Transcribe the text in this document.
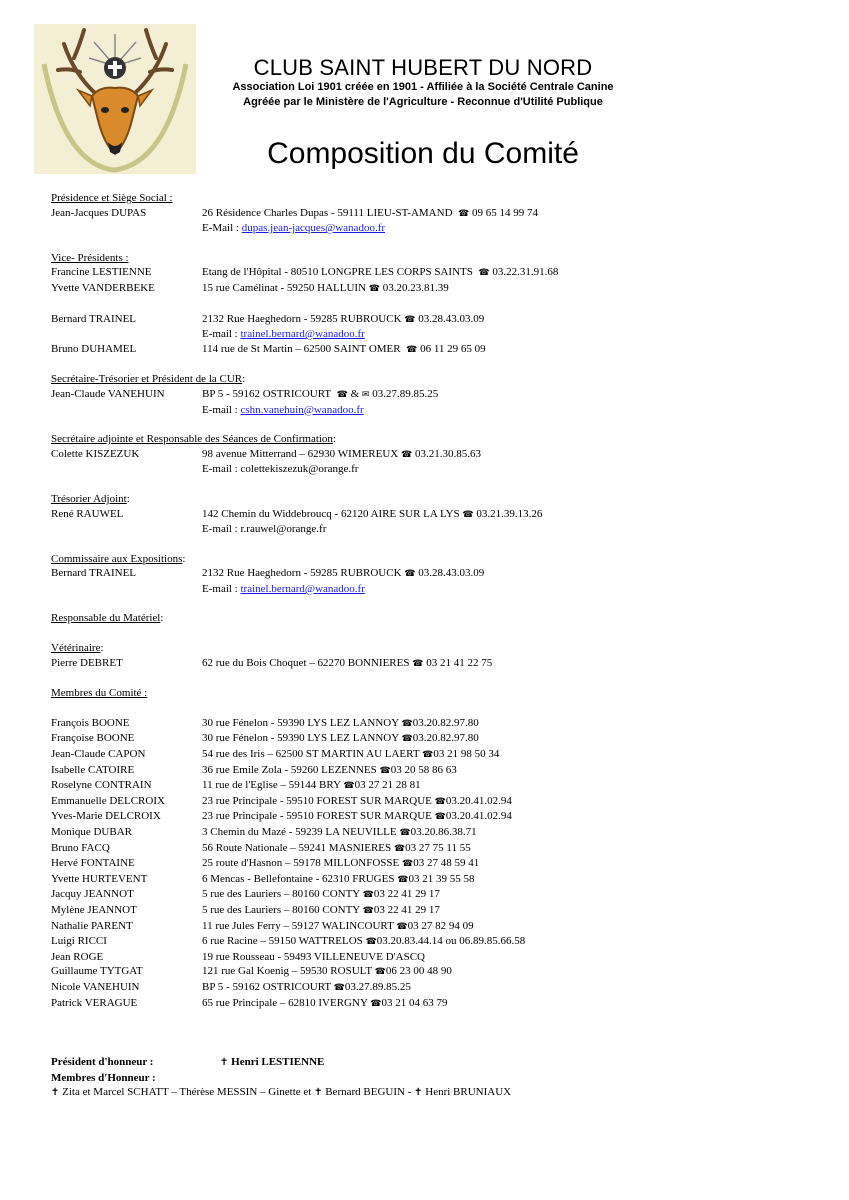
CLUB SAINT HUBERT DU NORD
Association Loi 1901 créée en 1901 - Affiliée à la Société Centrale Canine
Agréée par le Ministère de l'Agriculture - Reconnue d'Utilité Publique
Composition du Comité
Présidence et Siège Social :
Jean-Jacques DUPAS	26 Résidence Charles Dupas - 59111 LIEU-ST-AMAND ☎ 09 65 14 99 74
E-Mail : dupas.jean-jacques@wanadoo.fr
Vice- Présidents :
Francine LESTIENNE	Etang de l'Hôpital - 80510 LONGPRE LES CORPS SAINTS ☎ 03.22.31.91.68
Yvette VANDERBEKE	15 rue Camélinat - 59250 HALLUIN ☎ 03.20.23.81.39
Bernard TRAINEL	2132 Rue Haeghedorn - 59285 RUBROUCK ☎ 03.28.43.03.09
E-mail : trainel.bernard@wanadoo.fr
Bruno DUHAMEL	114 rue de St Martin – 62500 SAINT OMER ☎ 06 11 29 65 09
Secrétaire-Trésorier et Président de la CUR :
Jean-Claude VANEHUIN	BP 5 - 59162 OSTRICOURT ☎ & ✉ 03.27.89.85.25
E-mail : cshn.vanehuin@wanadoo.fr
Secrétaire adjointe et Responsable des Séances de Confirmation :
Colette KISZEZUK	98 avenue Mitterrand – 62930 WIMEREUX ☎ 03.21.30.85.63
E-mail : colettekiszezuk@orange.fr
Trésorier Adjoint :
René RAUWEL	142 Chemin du Widdebroucq - 62120 AIRE SUR LA LYS ☎ 03.21.39.13.26
E-mail : r.rauwel@orange.fr
Commissaire aux Expositions :
Bernard TRAINEL	2132 Rue Haeghedorn - 59285 RUBROUCK ☎ 03.28.43.03.09
E-mail : trainel.bernard@wanadoo.fr
Responsable du Matériel :
Vétérinaire :
Pierre DEBRET	62 rue du Bois Choquet – 62270 BONNIERES ☎ 03 21 41 22 75
Membres du Comité :
François BOONE	30 rue Fénelon - 59390 LYS LEZ LANNOY ☎03.20.82.97.80
Françoise BOONE	30 rue Fénelon - 59390 LYS LEZ LANNOY ☎03.20.82.97.80
Jean-Claude CAPON	54 rue des Iris – 62500 ST MARTIN AU LAERT ☎03 21 98 50 34
Isabelle CATOIRE	36 rue Emile Zola - 59260 LEZENNES ☎03 20 58 86 63
Roselyne CONTRAIN	11 rue de l'Eglise – 59144 BRY ☎03 27 21 28 81
Emmanuelle DELCROIX	23 rue Principale - 59510 FOREST SUR MARQUE ☎03.20.41.02.94
Yves-Marie DELCROIX	23 rue Principale - 59510 FOREST SUR MARQUE ☎03.20.41.02.94
Monique DUBAR	3 Chemin du Mazé - 59239 LA NEUVILLE ☎03.20.86.38.71
Bruno FACQ	56 Route Nationale – 59241 MASNIERES ☎03 27 75 11 55
Hervé FONTAINE	25 route d'Hasnon – 59178 MILLONFOSSE ☎03 27 48 59 41
Yvette HURTEVENT	6 Mencas - Bellefontaine - 62310 FRUGES ☎03 21 39 55 58
Jacquy JEANNOT	5 rue des Lauriers – 80160 CONTY ☎03 22 41 29 17
Mylène JEANNOT	5 rue des Lauriers – 80160 CONTY ☎03 22 41 29 17
Nathalie PARENT	11 rue Jules Ferry – 59127 WALINCOURT ☎03 27 82 94 09
Luigi RICCI	6 rue Racine – 59150 WATTRELOS ☎03.20.83.44.14 ou 06.89.85.66.58
Jean ROGE	19 rue Rousseau - 59493 VILLENEUVE D'ASCQ
Guillaume TYTGAT	121 rue Gal Koenig – 59530 ROSULT ☎06 23 00 48 90
Nicole VANEHUIN	BP 5 - 59162 OSTRICOURT ☎03.27.89.85.25
Patrick VERAGUE	65 rue Principale – 62810 IVERGNY ☎03 21 04 63 79
Président d'honneur :	✝ Henri LESTIENNE
Membres d'Honneur :
✝ Zita et Marcel SCHATT – Thérèse MESSIN – Ginette et ✝ Bernard BEGUIN - ✝ Henri BRUNIAUX
